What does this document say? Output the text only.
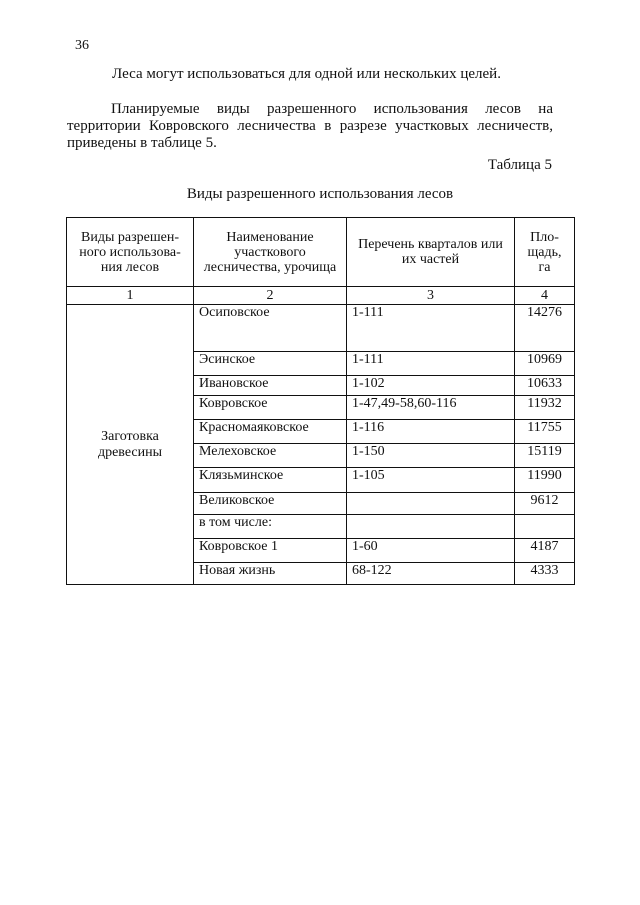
36
Леса могут использоваться для одной или нескольких целей.

Планируемые виды разрешенного использования лесов на территории Ковровского лесничества в разрезе участковых лесничеств, приведены в таблице 5.

Таблица 5
Виды разрешенного использования лесов
Виды разрешен-ного использова-ния лесов	Наименование участкового лесничества, урочища	Перечень кварталов или их частей	Пло-щадь, га
1	2	3	4
Заготовка древесины	Осиповское	1-111	14276
	Эсинское	1-111	10969
	Ивановское	1-102	10633
	Ковровское	1-47,49-58,60-116	11932
	Красномаяковское	1-116	11755
	Мелеховское	1-150	15119
	Клязьминское	1-105	11990
	Великовское		9612
	в том числе:		
	Ковровское 1	1-60	4187
	Новая жизнь	68-122	4333
